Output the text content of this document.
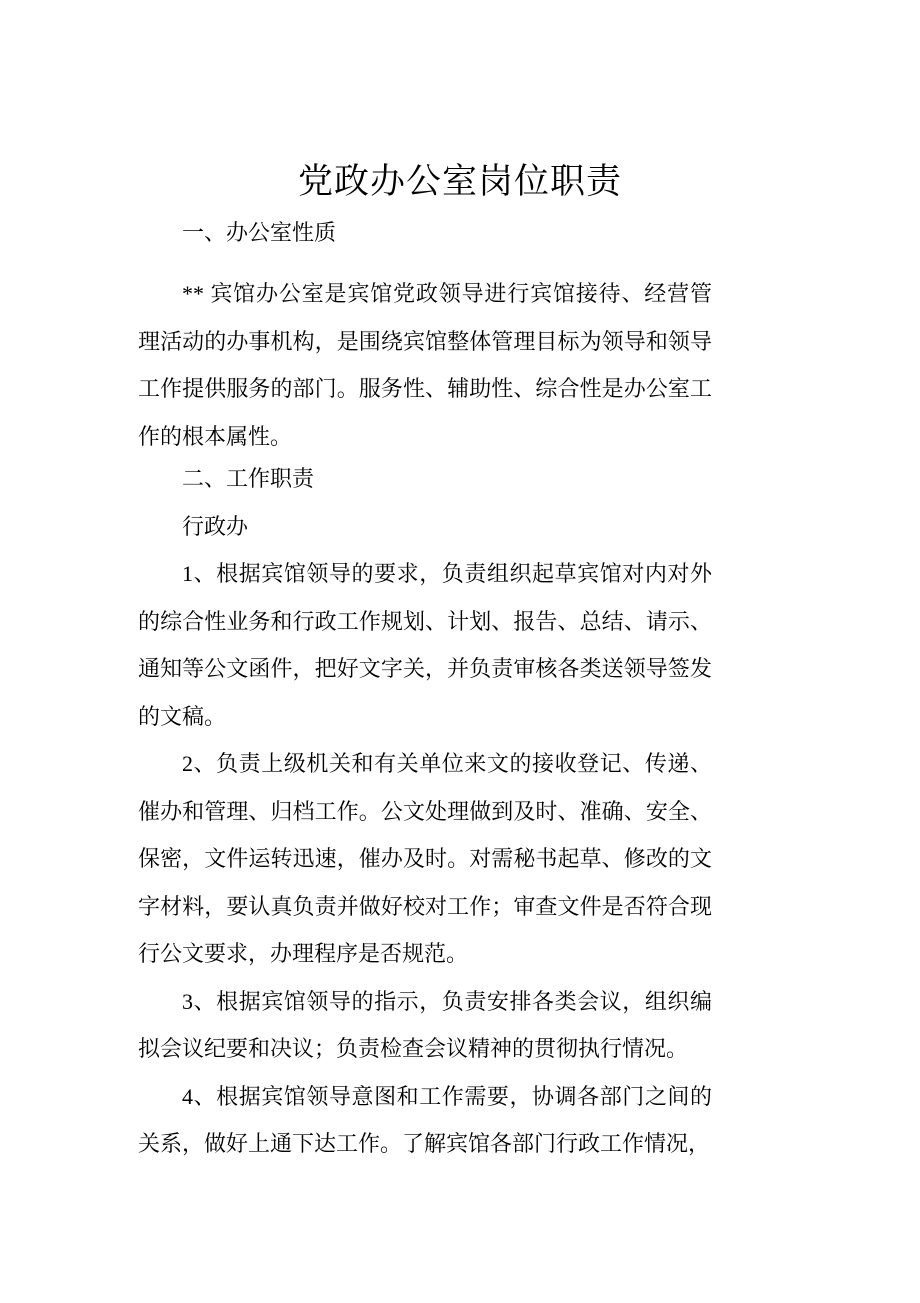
党政办公室岗位职责

一、办公室性质

** 宾馆办公室是宾馆党政领导进行宾馆接待、经营管理活动的办事机构，是围绕宾馆整体管理目标为领导和领导工作提供服务的部门。服务性、辅助性、综合性是办公室工作的根本属性。

二、工作职责

行政办

1、根据宾馆领导的要求，负责组织起草宾馆对内对外的综合性业务和行政工作规划、计划、报告、总结、请示、通知等公文函件，把好文字关，并负责审核各类送领导签发的文稿。

2、负责上级机关和有关单位来文的接收登记、传递、催办和管理、归档工作。公文处理做到及时、准确、安全、保密，文件运转迅速，催办及时。对需秘书起草、修改的文字材料，要认真负责并做好校对工作；审查文件是否符合现行公文要求，办理程序是否规范。

3、根据宾馆领导的指示，负责安排各类会议，组织编拟会议纪要和决议；负责检查会议精神的贯彻执行情况。

4、根据宾馆领导意图和工作需要，协调各部门之间的关系，做好上通下达工作。了解宾馆各部门行政工作情况，
